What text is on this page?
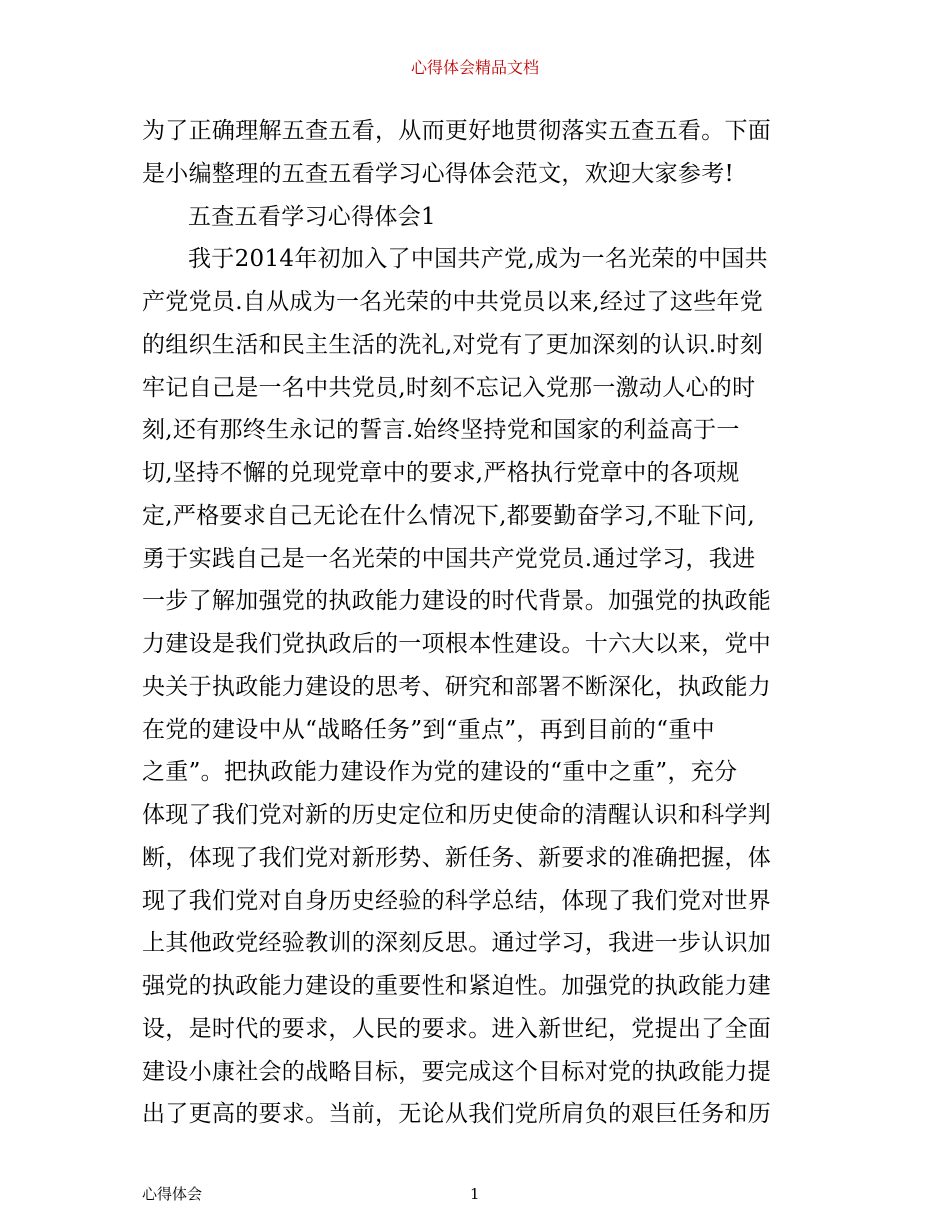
心得体会精品文档
为了正确理解五查五看，从而更好地贯彻落实五查五看。下面
是小编整理的五查五看学习心得体会范文，欢迎大家参考!
五查五看学习心得体会1
我于2014年初加入了中国共产党,成为一名光荣的中国共
产党党员.自从成为一名光荣的中共党员以来,经过了这些年党
的组织生活和民主生活的洗礼,对党有了更加深刻的认识.时刻
牢记自己是一名中共党员,时刻不忘记入党那一激动人心的时
刻,还有那终生永记的誓言.始终坚持党和国家的利益高于一
切,坚持不懈的兑现党章中的要求,严格执行党章中的各项规
定,严格要求自己无论在什么情况下,都要勤奋学习,不耻下问,
勇于实践自己是一名光荣的中国共产党党员.通过学习，我进
一步了解加强党的执政能力建设的时代背景。加强党的执政能
力建设是我们党执政后的一项根本性建设。十六大以来，党中
央关于执政能力建设的思考、研究和部署不断深化，执政能力
在党的建设中从“战略任务”到“重点”，再到目前的“重中
之重”。把执政能力建设作为党的建设的“重中之重”，充分
体现了我们党对新的历史定位和历史使命的清醒认识和科学判
断，体现了我们党对新形势、新任务、新要求的准确把握，体
现了我们党对自身历史经验的科学总结，体现了我们党对世界
上其他政党经验教训的深刻反思。通过学习，我进一步认识加
强党的执政能力建设的重要性和紧迫性。加强党的执政能力建
设，是时代的要求，人民的要求。进入新世纪，党提出了全面
建设小康社会的战略目标，要完成这个目标对党的执政能力提
出了更高的要求。当前，无论从我们党所肩负的艰巨任务和历
心得体会	1
